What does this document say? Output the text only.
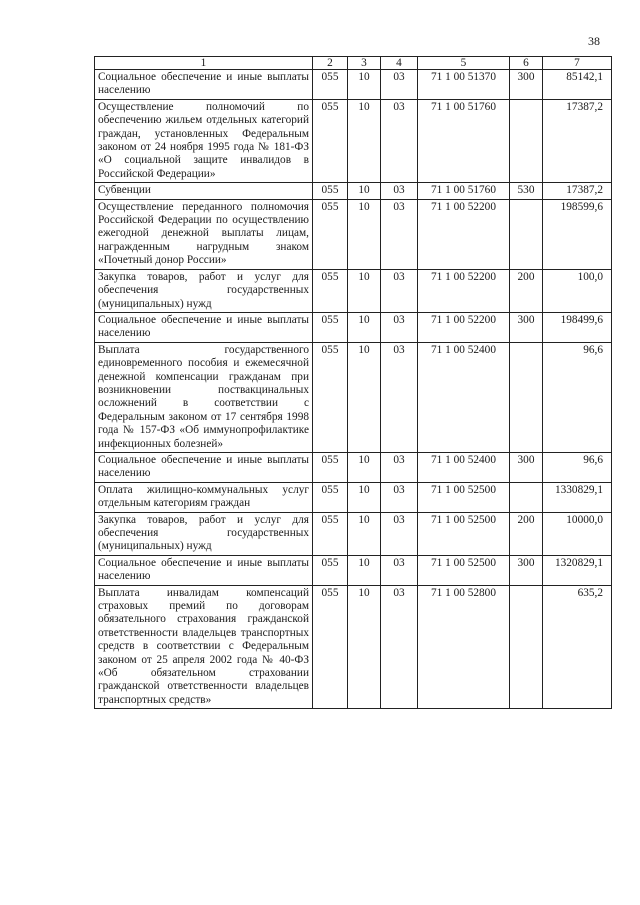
38
1	2	3	4	5	6	7
Социальное обеспечение и иные выплаты населению	055	10	03	71 1 00 51370	300	85142,1
Осуществление полномочий по обеспечению жильем отдельных категорий граждан, установленных Федеральным законом от 24 ноября 1995 года № 181-ФЗ «О социальной защите инвалидов в Российской Федерации»	055	10	03	71 1 00 51760		17387,2
Субвенции	055	10	03	71 1 00 51760	530	17387,2
Осуществление переданного полномочия Российской Федерации по осуществлению ежегодной денежной выплаты лицам, награжденным нагрудным знаком «Почетный донор России»	055	10	03	71 1 00 52200		198599,6
Закупка товаров, работ и услуг для обеспечения государственных (муниципальных) нужд	055	10	03	71 1 00 52200	200	100,0
Социальное обеспечение и иные выплаты населению	055	10	03	71 1 00 52200	300	198499,6
Выплата государственного единовременного пособия и ежемесячной денежной компенсации гражданам при возникновении поствакцинальных осложнений в соответствии с Федеральным законом от 17 сентября 1998 года № 157-ФЗ «Об иммунопрофилактике инфекционных болезней»	055	10	03	71 1 00 52400		96,6
Социальное обеспечение и иные выплаты населению	055	10	03	71 1 00 52400	300	96,6
Оплата жилищно-коммунальных услуг отдельным категориям граждан	055	10	03	71 1 00 52500		1330829,1
Закупка товаров, работ и услуг для обеспечения государственных (муниципальных) нужд	055	10	03	71 1 00 52500	200	10000,0
Социальное обеспечение и иные выплаты населению	055	10	03	71 1 00 52500	300	1320829,1
Выплата инвалидам компенсаций страховых премий по договорам обязательного страхования гражданской ответственности владельцев транспортных средств в соответствии с Федеральным законом от 25 апреля 2002 года № 40-ФЗ «Об обязательном страховании гражданской ответственности владельцев транспортных средств»	055	10	03	71 1 00 52800		635,2
